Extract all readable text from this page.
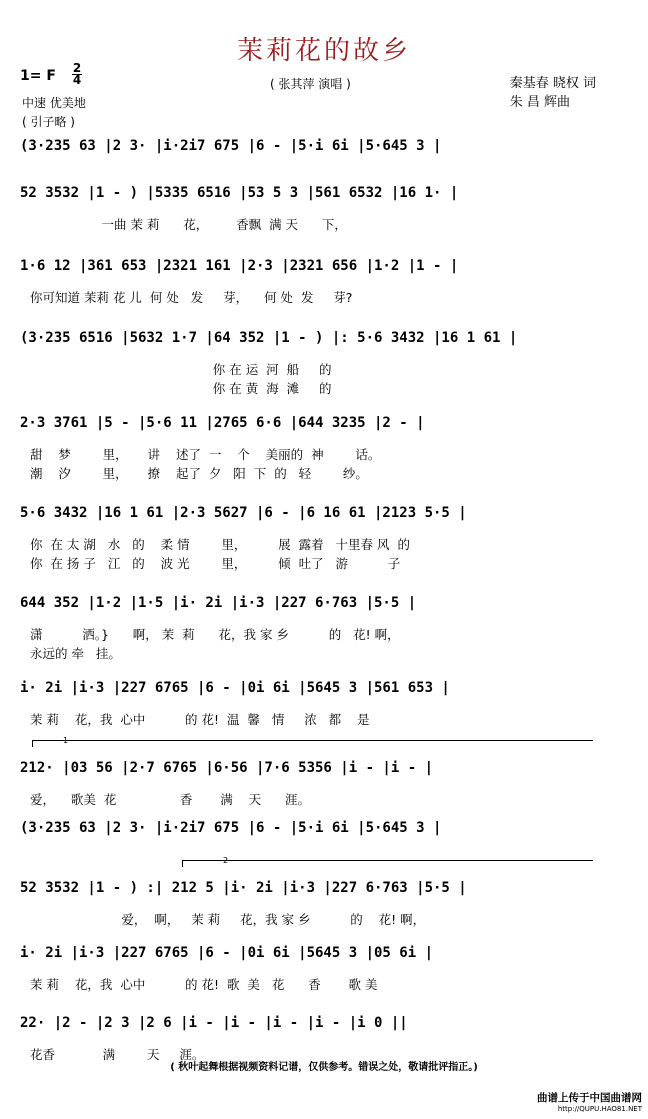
茉莉花的故乡
1= F 2
4
中速 优美地
( 引子略 )
( 张其萍 演唱 )	秦基春 晓权 词
朱 昌 辉曲
(3·235 63 |2 3· |i·2i7 675 |6 - |5·i 6i |5·645 3 |
52 3532 |1 - ) |5335 6516 |53 5 3 |561 6532 |16 1· |
一曲 茉 莉      花，       香飘  满 天      下，
1·6 12 |361 653 |2321 161 |2·3 |2321 656 |1·2 |1 - |
你可知道 茉莉 花 儿  何 处   发     芽，    何 处  发     芽?
(3·235 6516 |5632 1·7 |64 352 |1 - ) |: 5·6 3432 |16 1 61 |
你 在 运  河  船     的
你 在 黄  海  滩     的
2·3 3761 |5 - |5·6 11 |2765 6·6 |644 3235 |2 - |
甜    梦        里，     讲    述了  一    个    美丽的  神        话。
潮    汐        里，     撩    起了  夕   阳  下  的   轻        纱。
5·6 3432 |16 1 61 |2·3 5627 |6 - |6 16 61 |2123 5·5 |
你  在 太 湖   水   的    柔 情        里，        展  露着   十里春 风  的
你  在 扬 子   江   的    波 光        里，        倾  吐了   游          子
644 352 |1·2 |1·5 |i· 2i |i·3 |227 6·763 |5·5 |
潇          洒。}      啊， 茉  莉      花，我 家 乡          的   花! 啊，
永远的 牵   挂。
i· 2i |i·3 |227 6765 |6 - |0i 6i |5645 3 |561 653 |
茉 莉    花，我  心中          的 花!  温  馨   情     浓   都    是
212· |03 56 |2·7 6765 |6·56 |7·6 5356 |i - |i - |
爱，    歌美  花                香       满    天      涯。
(3·235 63 |2 3· |i·2i7 675 |6 - |5·i 6i |5·645 3 |
52 3532 |1 - ) :| 212 5 |i· 2i |i·3 |227 6·763 |5·5 |
爱，  啊，   茉 莉     花，我 家 乡          的    花! 啊，
i· 2i |i·3 |227 6765 |6 - |0i 6i |5645 3 |05 6i |
茉 莉    花，我  心中          的 花!  歌  美   花      香       歌 美
22· |2 - |2 3 |2 6 |i - |i - |i - |i - |i 0 ||
花香            满        天     涯。
1
2
( 秋叶起舞根据视频资料记谱，仅供参考。错误之处，敬请批评指正。)
曲谱上传于中国曲谱网
http://QUPU.HAO81.NET
